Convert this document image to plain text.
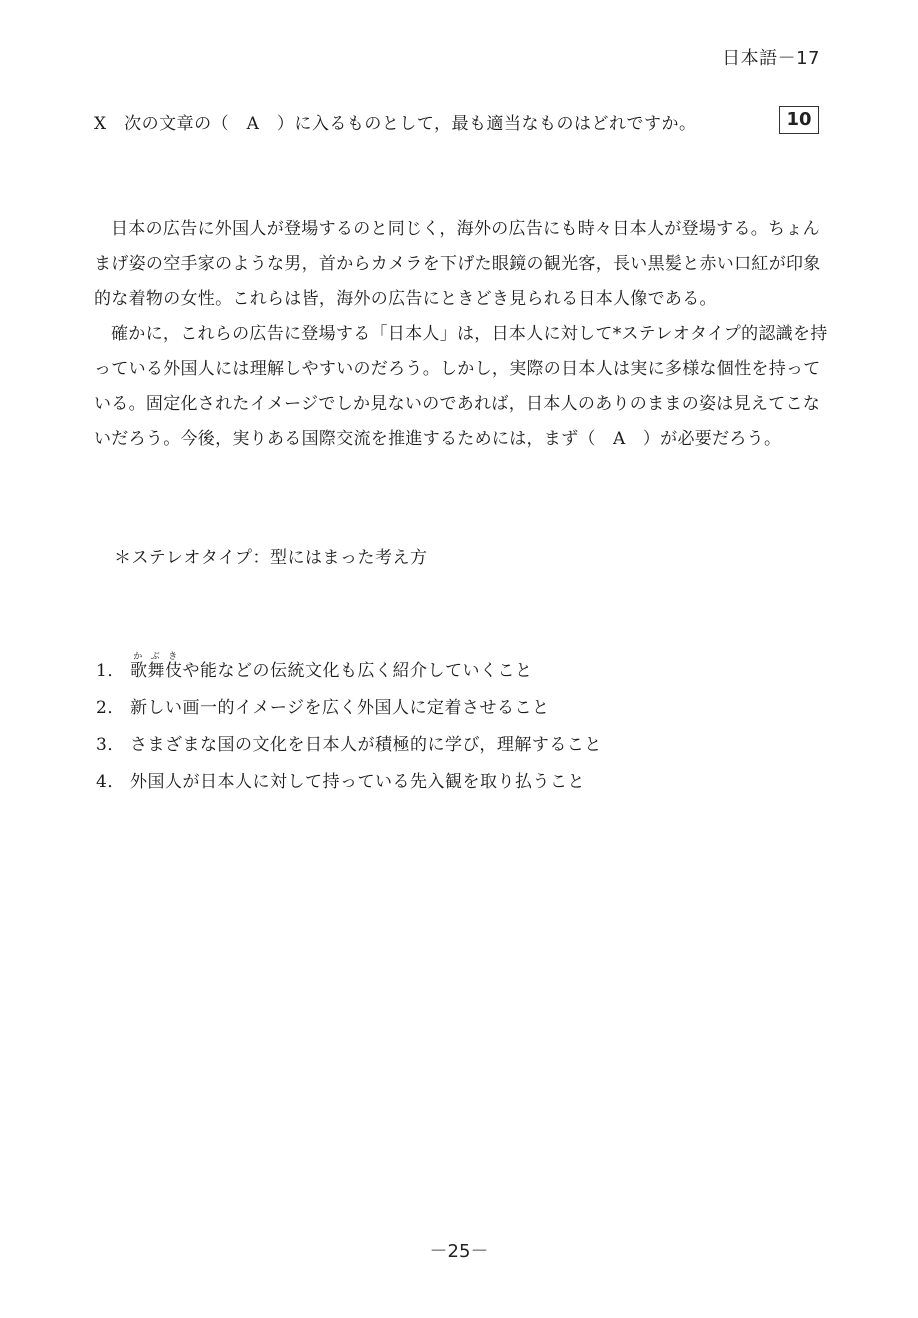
日本語－17
X　次の文章の（　A　）に入るものとして，最も適当なものはどれですか。	10

日本の広告に外国人が登場するのと同じく，海外の広告にも時々日本人が登場する。ちょんまげ姿の空手家のような男，首からカメラを下げた眼鏡の観光客，長い黒髪と赤い口紅が印象的な着物の女性。これらは皆，海外の広告にときどき見られる日本人像である。

確かに，これらの広告に登場する「日本人」は，日本人に対して*ステレオタイプ的認識を持っている外国人には理解しやすいのだろう。しかし，実際の日本人は実に多様な個性を持っている。固定化されたイメージでしか見ないのであれば，日本人のありのままの姿は見えてこないだろう。今後，実りある国際交流を推進するためには，まず（　A　）が必要だろう。

＊ステレオタイプ：型にはまった考え方
1． 歌舞伎かぶきや能などの伝統文化も広く紹介していくこと
2． 新しい画一的イメージを広く外国人に定着させること
3． さまざまな国の文化を日本人が積極的に学び，理解すること
4． 外国人が日本人に対して持っている先入観を取り払うこと
－25－
